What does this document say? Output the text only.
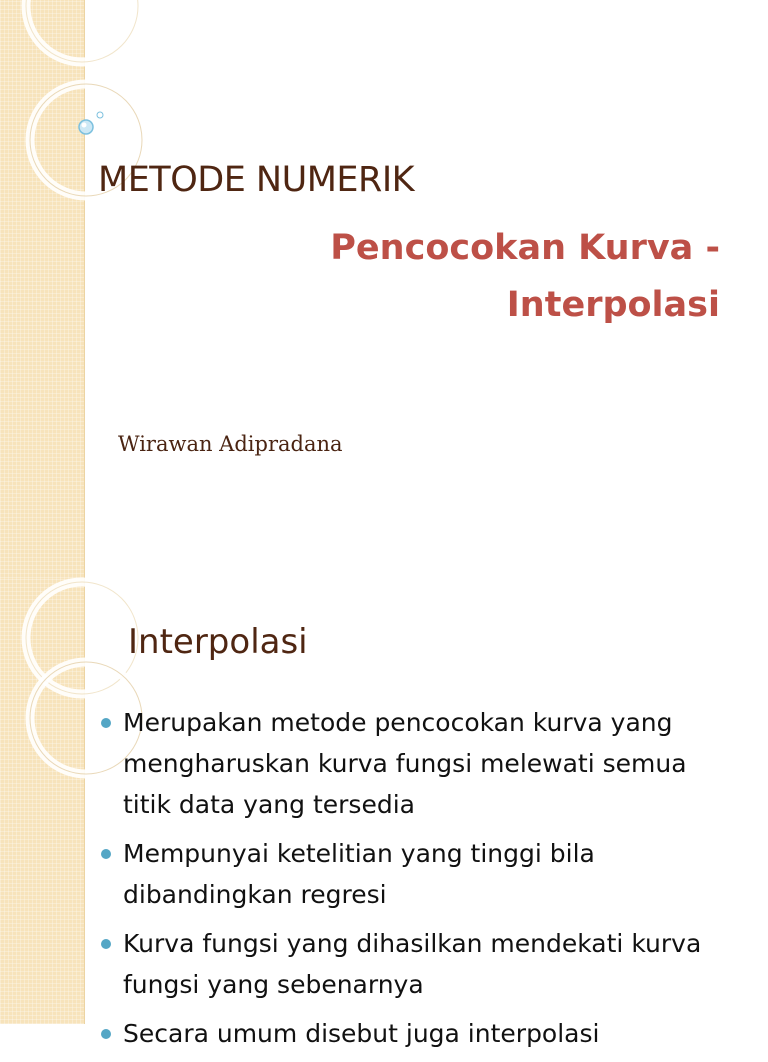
METODE NUMERIK
Pencocokan Kurva -
Interpolasi
Wirawan Adipradana
Interpolasi
Merupakan metode pencocokan kurva yang mengharuskan kurva fungsi melewati semua titik data yang tersedia
Mempunyai ketelitian yang tinggi bila dibandingkan regresi
Kurva fungsi yang dihasilkan mendekati kurva fungsi yang sebenarnya
Secara umum disebut juga interpolasi
